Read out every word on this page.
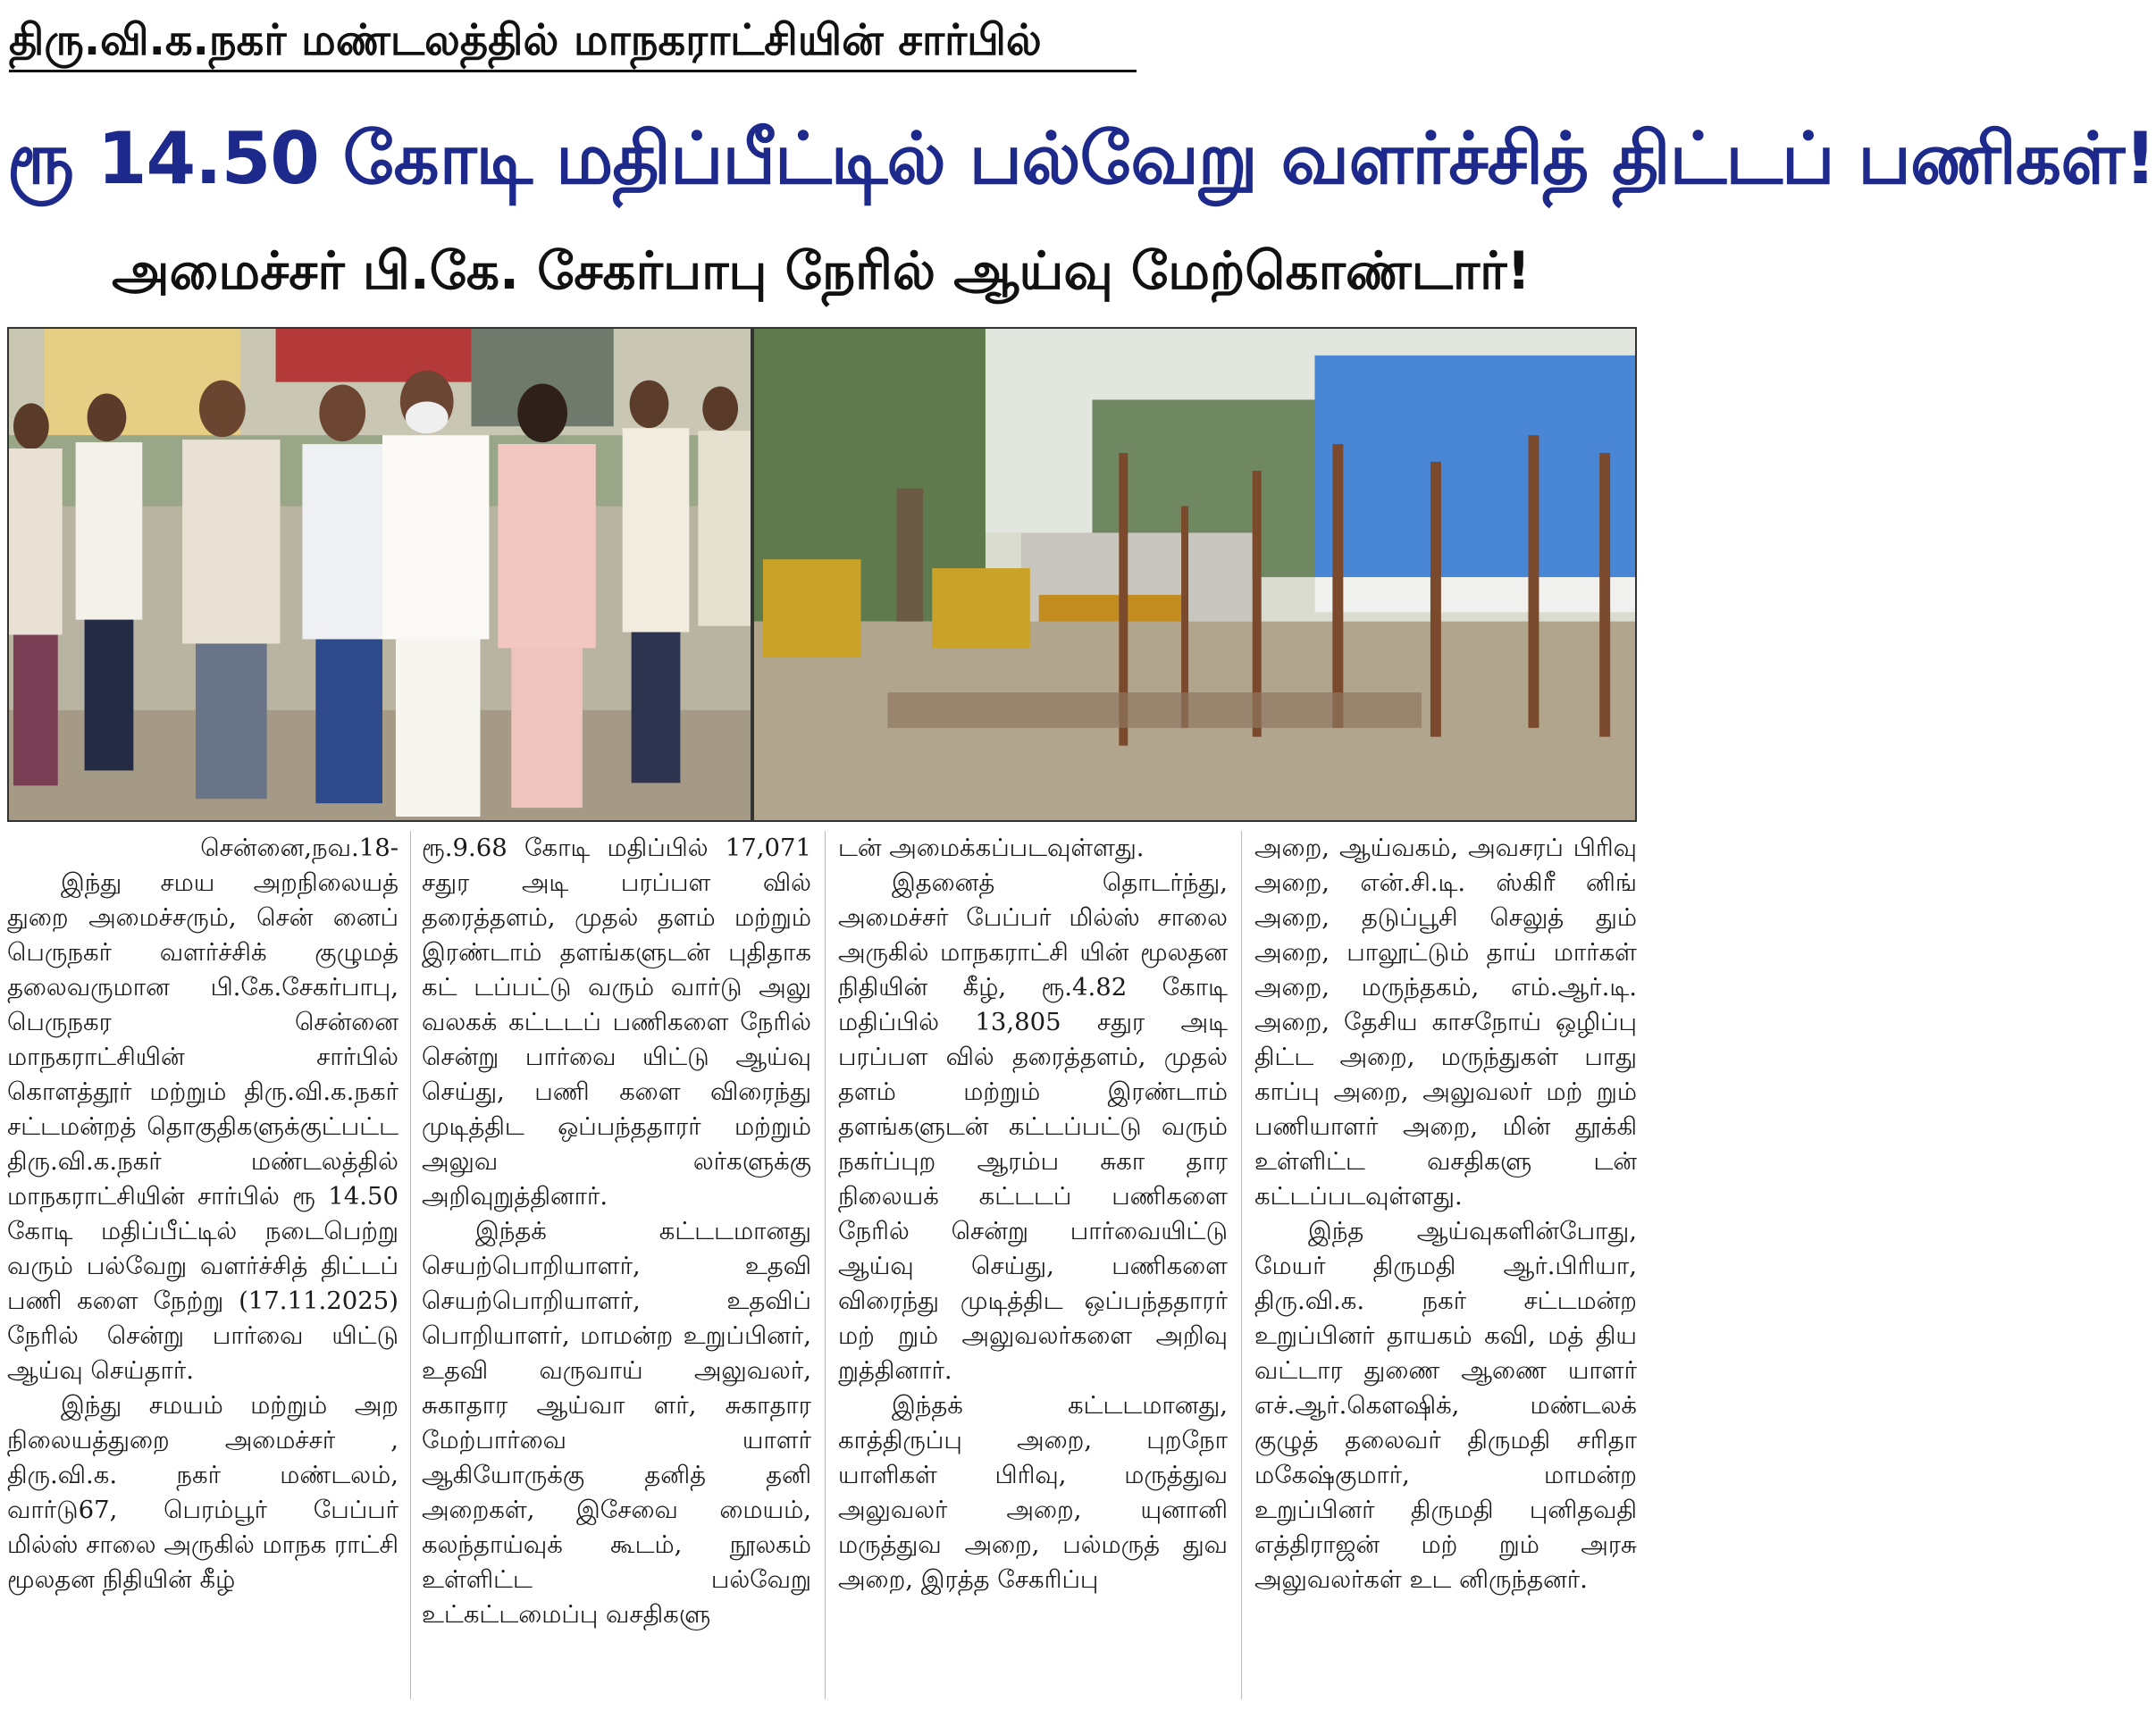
திரு.வி.க.நகர் மண்டலத்தில் மாநகராட்சியின் சார்பில்
ரூ 14.50 கோடி மதிப்பீட்டில் பல்வேறு வளர்ச்சித் திட்டப் பணிகள்!
அமைச்சர் பி.கே. சேகர்பாபு நேரில் ஆய்வு மேற்கொண்டார்!

சென்னை,நவ.18-

இந்து சமய அறநிலையத் துறை அமைச்சரும், சென் னைப் பெருநகர் வளர்ச்சிக் குழுமத் தலைவருமான பி.கே.சேகர்பாபு, பெருநகர சென்னை மாநகராட்சியின் சார்பில் கொளத்தூர் மற்றும் திரு.வி.க.நகர் சட்டமன்றத் தொகுதிகளுக்குட்பட்ட திரு.வி.க.நகர் மண்டலத்தில் மாநகராட்சியின் சார்பில் ரூ 14.50 கோடி மதிப்பீட்டில் நடைபெற்று வரும் பல்வேறு வளர்ச்சித் திட்டப் பணி களை நேற்று (17.11.2025) நேரில் சென்று பார்வை யிட்டு ஆய்வு செய்தார்.

இந்து சமயம் மற்றும் அற நிலையத்துறை அமைச்சர் , திரு.வி.க. நகர் மண்டலம், வார்டு67, பெரம்பூர் பேப்பர் மில்ஸ் சாலை அருகில் மாநக ராட்சி மூலதன நிதியின் கீழ்

ரூ.9.68 கோடி மதிப்பில் 17,071 சதுர அடி பரப்பள வில் தரைத்தளம், முதல் தளம் மற்றும் இரண்டாம் தளங்களுடன் புதிதாக கட் டப்பட்டு வரும் வார்டு அலு வலகக் கட்டடப் பணிகளை நேரில் சென்று பார்வை யிட்டு ஆய்வு செய்து, பணி களை விரைந்து முடித்திட ஒப்பந்ததாரர் மற்றும் அலுவ லர்களுக்கு அறிவுறுத்தினார்.

இந்தக் கட்டடமானது செயற்பொறியாளர், உதவி செயற்பொறியாளர், உதவிப் பொறியாளர், மாமன்ற உறுப்பினர், உதவி வருவாய் அலுவலர், சுகாதார ஆய்வா ளர், சுகாதார மேற்பார்வை யாளர் ஆகியோருக்கு தனித் தனி அறைகள், இசேவை மையம், கலந்தாய்வுக் கூடம், நூலகம் உள்ளிட்ட பல்வேறு உட்கட்டமைப்பு வசதிகளு

டன் அமைக்கப்படவுள்ளது.

இதனைத் தொடர்ந்து, அமைச்சர் பேப்பர் மில்ஸ் சாலை அருகில் மாநகராட்சி யின் மூலதன நிதியின் கீழ், ரூ.4.82 கோடி மதிப்பில் 13,805 சதுர அடி பரப்பள வில் தரைத்தளம், முதல் தளம் மற்றும் இரண்டாம் தளங்களுடன் கட்டப்பட்டு வரும் நகர்ப்புற ஆரம்ப சுகா தார நிலையக் கட்டடப் பணிகளை நேரில் சென்று பார்வையிட்டு ஆய்வு செய்து, பணிகளை விரைந்து முடித்திட ஒப்பந்ததாரர் மற் றும் அலுவலர்களை அறிவு றுத்தினார்.

இந்தக் கட்டடமானது, காத்திருப்பு அறை, புறநோ யாளிகள் பிரிவு, மருத்துவ அலுவலர் அறை, யுனானி மருத்துவ அறை, பல்மருத் துவ அறை, இரத்த சேகரிப்பு

அறை, ஆய்வகம், அவசரப் பிரிவு அறை, என்.சி.டி. ஸ்கிரீ னிங் அறை, தடுப்பூசி செலுத் தும் அறை, பாலூட்டும் தாய் மார்கள் அறை, மருந்தகம், எம்.ஆர்.டி. அறை, தேசிய காசநோய் ஒழிப்பு திட்ட அறை, மருந்துகள் பாது காப்பு அறை, அலுவலர் மற் றும் பணியாளர் அறை, மின் தூக்கி உள்ளிட்ட வசதிகளு டன் கட்டப்படவுள்ளது.

இந்த ஆய்வுகளின்போது, மேயர் திருமதி ஆர்.பிரியா, திரு.வி.க. நகர் சட்டமன்ற உறுப்பினர் தாயகம் கவி, மத் திய வட்டார துணை ஆணை யாளர் எச்.ஆர்.கௌஷிக், மண்டலக் குழுத் தலைவர் திருமதி சரிதா மகேஷ்குமார், மாமன்ற உறுப்பினர் திருமதி புனிதவதி எத்திராஜன் மற் றும் அரசு அலுவலர்கள் உட னிருந்தனர்.
